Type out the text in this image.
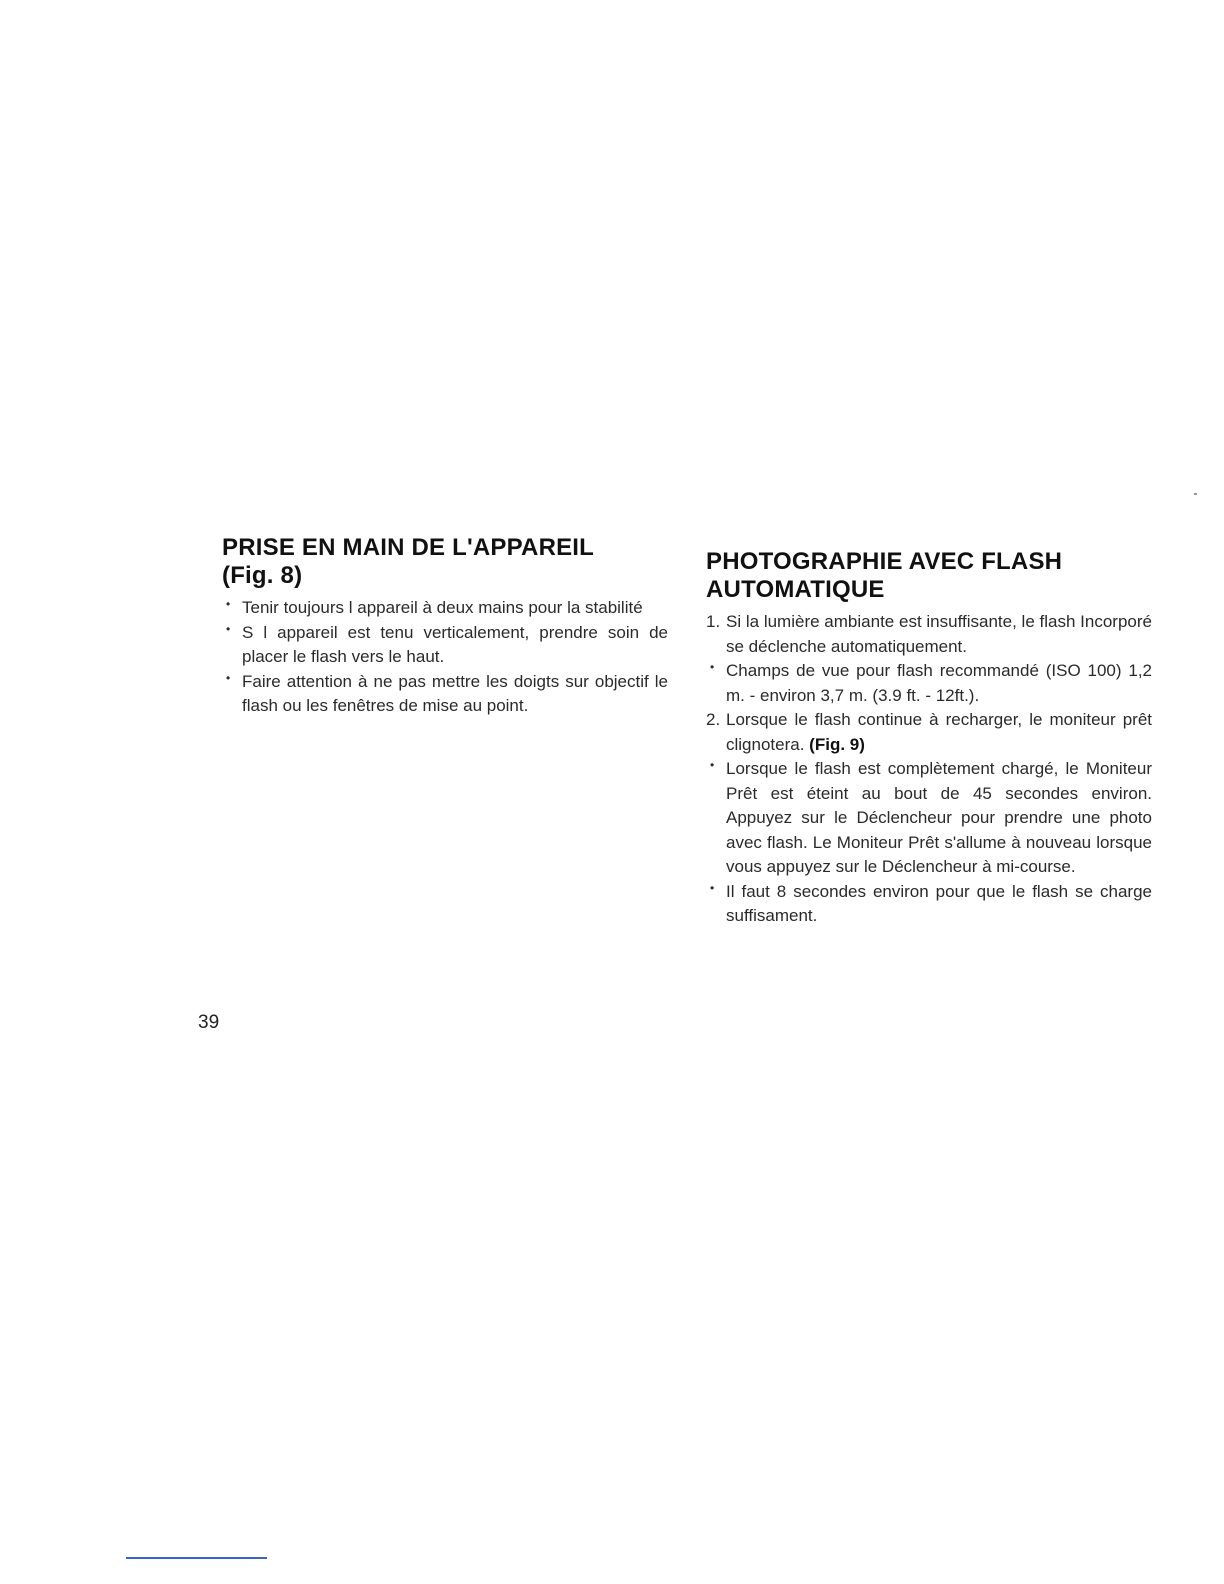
PRISE EN MAIN DE L'APPAREIL
(Fig. 8)

• Tenir toujours l appareil à deux mains pour la stabilité

• S l appareil est tenu verticalement, prendre soin de placer le flash vers le haut.

• Faire attention à ne pas mettre les doigts sur objectif le flash ou les fenêtres de mise au point.

PHOTOGRAPHIE AVEC FLASH
AUTOMATIQUE

1. Si la lumière ambiante est insuffisante, le flash Incorporé se déclenche automatiquement.

• Champs de vue pour flash recommandé (ISO 100) 1,2 m. - environ 3,7 m. (3.9 ft. - 12ft.).

2. Lorsque le flash continue à recharger, le moniteur prêt clignotera. (Fig. 9)

• Lorsque le flash est complètement chargé, le Moniteur Prêt est éteint au bout de 45 secondes environ. Appuyez sur le Déclencheur pour prendre une photo avec flash. Le Moniteur Prêt s'allume à nouveau lorsque vous appuyez sur le Déclencheur à mi-course.

• Il faut 8 secondes environ pour que le flash se charge suffisament.

39
